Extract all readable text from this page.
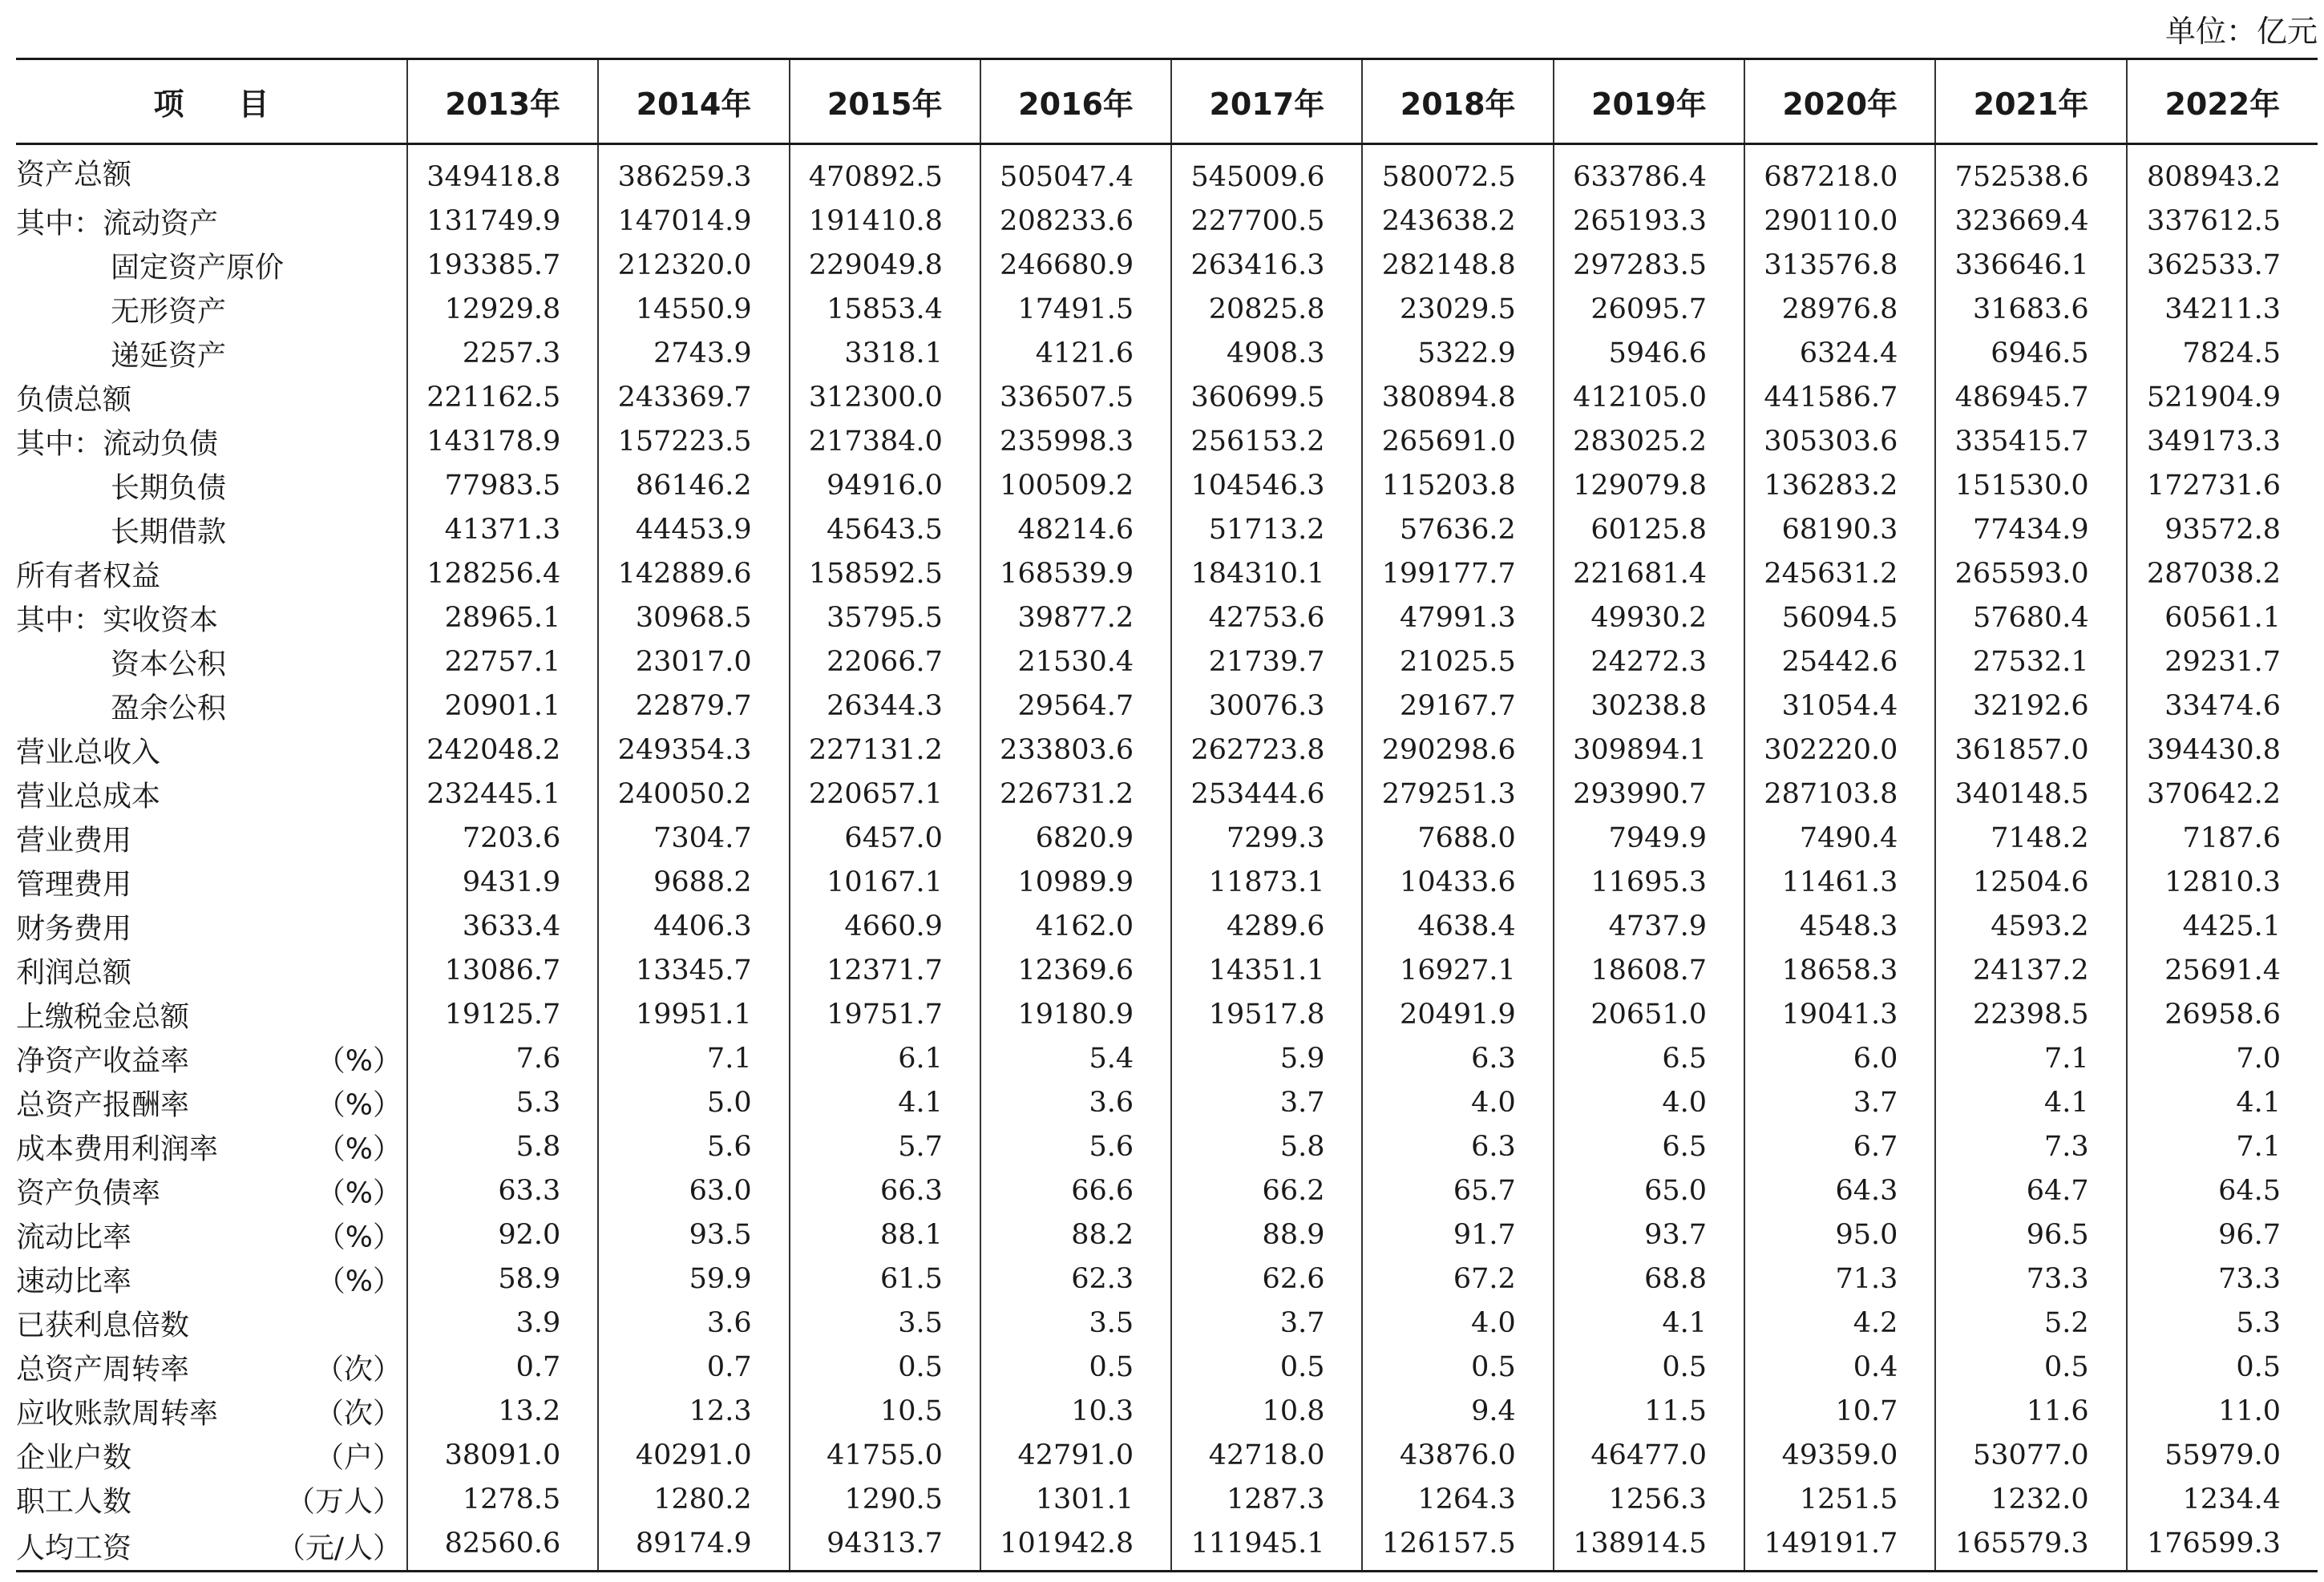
单位：亿元
项目	2013年	2014年	2015年	2016年	2017年	2018年	2019年	2020年	2021年	2022年

资产总额	349418.8	386259.3	470892.5	505047.4	545009.6	580072.5	633786.4	687218.0	752538.6	808943.2

其中：流动资产	131749.9	147014.9	191410.8	208233.6	227700.5	243638.2	265193.3	290110.0	323669.4	337612.5

固定资产原价	193385.7	212320.0	229049.8	246680.9	263416.3	282148.8	297283.5	313576.8	336646.1	362533.7

无形资产	12929.8	14550.9	15853.4	17491.5	20825.8	23029.5	26095.7	28976.8	31683.6	34211.3

递延资产	2257.3	2743.9	3318.1	4121.6	4908.3	5322.9	5946.6	6324.4	6946.5	7824.5

负债总额	221162.5	243369.7	312300.0	336507.5	360699.5	380894.8	412105.0	441586.7	486945.7	521904.9

其中：流动负债	143178.9	157223.5	217384.0	235998.3	256153.2	265691.0	283025.2	305303.6	335415.7	349173.3

长期负债	77983.5	86146.2	94916.0	100509.2	104546.3	115203.8	129079.8	136283.2	151530.0	172731.6

长期借款	41371.3	44453.9	45643.5	48214.6	51713.2	57636.2	60125.8	68190.3	77434.9	93572.8

所有者权益	128256.4	142889.6	158592.5	168539.9	184310.1	199177.7	221681.4	245631.2	265593.0	287038.2

其中：实收资本	28965.1	30968.5	35795.5	39877.2	42753.6	47991.3	49930.2	56094.5	57680.4	60561.1

资本公积	22757.1	23017.0	22066.7	21530.4	21739.7	21025.5	24272.3	25442.6	27532.1	29231.7

盈余公积	20901.1	22879.7	26344.3	29564.7	30076.3	29167.7	30238.8	31054.4	32192.6	33474.6

营业总收入	242048.2	249354.3	227131.2	233803.6	262723.8	290298.6	309894.1	302220.0	361857.0	394430.8

营业总成本	232445.1	240050.2	220657.1	226731.2	253444.6	279251.3	293990.7	287103.8	340148.5	370642.2

营业费用	7203.6	7304.7	6457.0	6820.9	7299.3	7688.0	7949.9	7490.4	7148.2	7187.6

管理费用	9431.9	9688.2	10167.1	10989.9	11873.1	10433.6	11695.3	11461.3	12504.6	12810.3

财务费用	3633.4	4406.3	4660.9	4162.0	4289.6	4638.4	4737.9	4548.3	4593.2	4425.1

利润总额	13086.7	13345.7	12371.7	12369.6	14351.1	16927.1	18608.7	18658.3	24137.2	25691.4

上缴税金总额	19125.7	19951.1	19751.7	19180.9	19517.8	20491.9	20651.0	19041.3	22398.5	26958.6

净资产收益率 （%）	7.6	7.1	6.1	5.4	5.9	6.3	6.5	6.0	7.1	7.0

总资产报酬率 （%）	5.3	5.0	4.1	3.6	3.7	4.0	4.0	3.7	4.1	4.1

成本费用利润率 （%）	5.8	5.6	5.7	5.6	5.8	6.3	6.5	6.7	7.3	7.1

资产负债率 （%）	63.3	63.0	66.3	66.6	66.2	65.7	65.0	64.3	64.7	64.5

流动比率 （%）	92.0	93.5	88.1	88.2	88.9	91.7	93.7	95.0	96.5	96.7

速动比率 （%）	58.9	59.9	61.5	62.3	62.6	67.2	68.8	71.3	73.3	73.3

已获利息倍数	3.9	3.6	3.5	3.5	3.7	4.0	4.1	4.2	5.2	5.3

总资产周转率 （次）	0.7	0.7	0.5	0.5	0.5	0.5	0.5	0.4	0.5	0.5

应收账款周转率 （次）	13.2	12.3	10.5	10.3	10.8	9.4	11.5	10.7	11.6	11.0

企业户数 （户）	38091.0	40291.0	41755.0	42791.0	42718.0	43876.0	46477.0	49359.0	53077.0	55979.0

职工人数 （万人）	1278.5	1280.2	1290.5	1301.1	1287.3	1264.3	1256.3	1251.5	1232.0	1234.4

人均工资 （元/人）	82560.6	89174.9	94313.7	101942.8	111945.1	126157.5	138914.5	149191.7	165579.3	176599.3
